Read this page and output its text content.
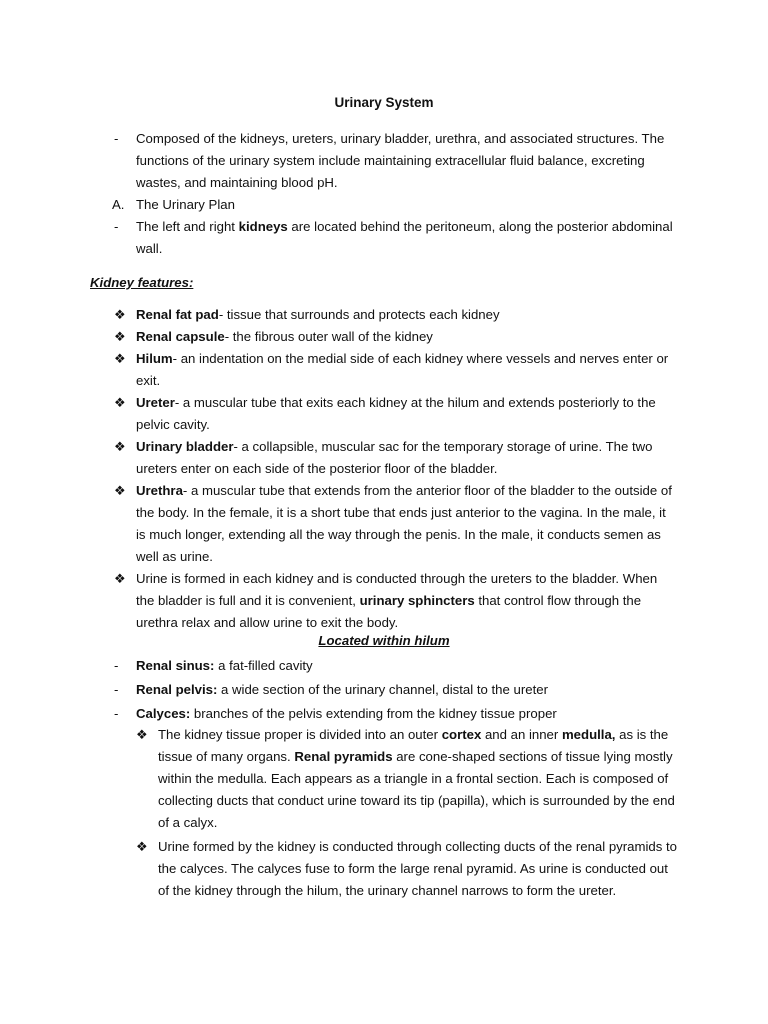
Urinary System
-	Composed of the kidneys, ureters, urinary bladder, urethra, and associated structures. The functions of the urinary system include maintaining extracellular fluid balance, excreting wastes, and maintaining blood pH.
A. The Urinary Plan
-	The left and right kidneys are located behind the peritoneum, along the posterior abdominal wall.
Kidney features:
❖ Renal fat pad- tissue that surrounds and protects each kidney
❖ Renal capsule- the fibrous outer wall of the kidney
❖ Hilum- an indentation on the medial side of each kidney where vessels and nerves enter or exit.
❖ Ureter- a muscular tube that exits each kidney at the hilum and extends posteriorly to the pelvic cavity.
❖ Urinary bladder- a collapsible, muscular sac for the temporary storage of urine. The two ureters enter on each side of the posterior floor of the bladder.
❖ Urethra- a muscular tube that extends from the anterior floor of the bladder to the outside of the body. In the female, it is a short tube that ends just anterior to the vagina. In the male, it is much longer, extending all the way through the penis. In the male, it conducts semen as well as urine.
❖ Urine is formed in each kidney and is conducted through the ureters to the bladder. When the bladder is full and it is convenient, urinary sphincters that control flow through the urethra relax and allow urine to exit the body.
Located within hilum
-	Renal sinus: a fat-filled cavity
-	Renal pelvis: a wide section of the urinary channel, distal to the ureter
-	Calyces: branches of the pelvis extending from the kidney tissue proper
❖ The kidney tissue proper is divided into an outer cortex and an inner medulla, as is the tissue of many organs. Renal pyramids are cone-shaped sections of tissue lying mostly within the medulla. Each appears as a triangle in a frontal section. Each is composed of collecting ducts that conduct urine toward its tip (papilla), which is surrounded by the end of a calyx.
❖ Urine formed by the kidney is conducted through collecting ducts of the renal pyramids to the calyces. The calyces fuse to form the large renal pyramid. As urine is conducted out of the kidney through the hilum, the urinary channel narrows to form the ureter.
